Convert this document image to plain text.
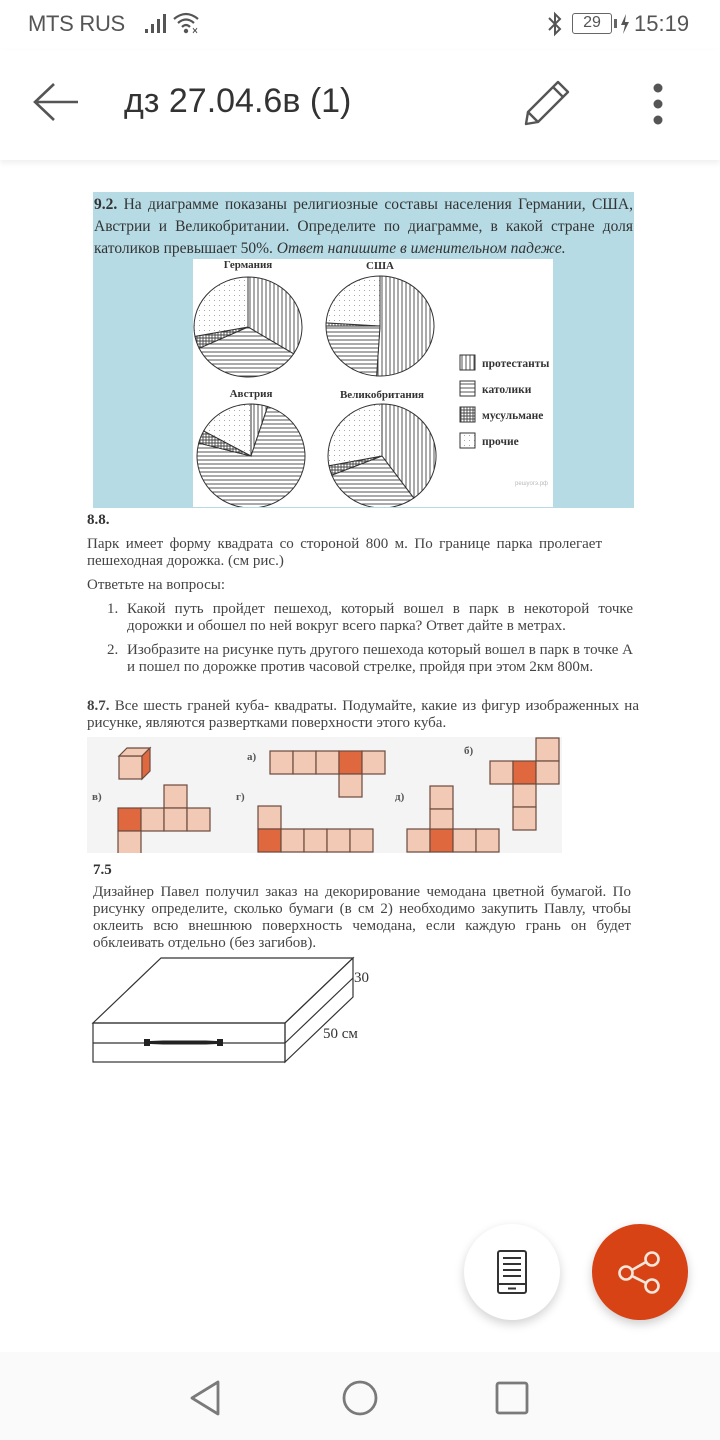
MTS RUS	29	15:19
дз 27.04.6в (1)
9.2. На диаграмме показаны религиозные составы населения Германии, США, Австрии и Великобритании. Определите по диаграмме, в какой стране доля католиков превышает 50%. Ответ напишите в именительном падеже.
Германия	США
Австрия	Великобритания
протестанты
католики
мусульмане
прочие
решуогэ.рф
8.8.
Парк имеет форму квадрата со стороной 800 м. По границе парка пролегает пешеходная дорожка. (см рис.)
Ответьте на вопросы:
1. Какой путь пройдет пешеход, который вошел в парк в некоторой точке дорожки и обошел по ней вокруг всего парка? Ответ дайте в метрах.
2. Изобразите на рисунке путь другого пешехода который вошел в парк в точке А и пошел по дорожке против часовой стрелке, пройдя при этом 2км 800м.
8.7. Все шесть граней куба- квадраты. Подумайте, какие из фигур изображенных на рисунке, являются развертками поверхности этого куба.
а)	б)
в)	г)	д)
7.5
Дизайнер Павел получил заказ на декорирование чемодана цветной бумагой. По рисунку определите, сколько бумаги (в см 2) необходимо закупить Павлу, чтобы оклеить всю внешнюю поверхность чемодана, если каждую грань он будет обклеивать отдельно (без загибов).
30
50 см
